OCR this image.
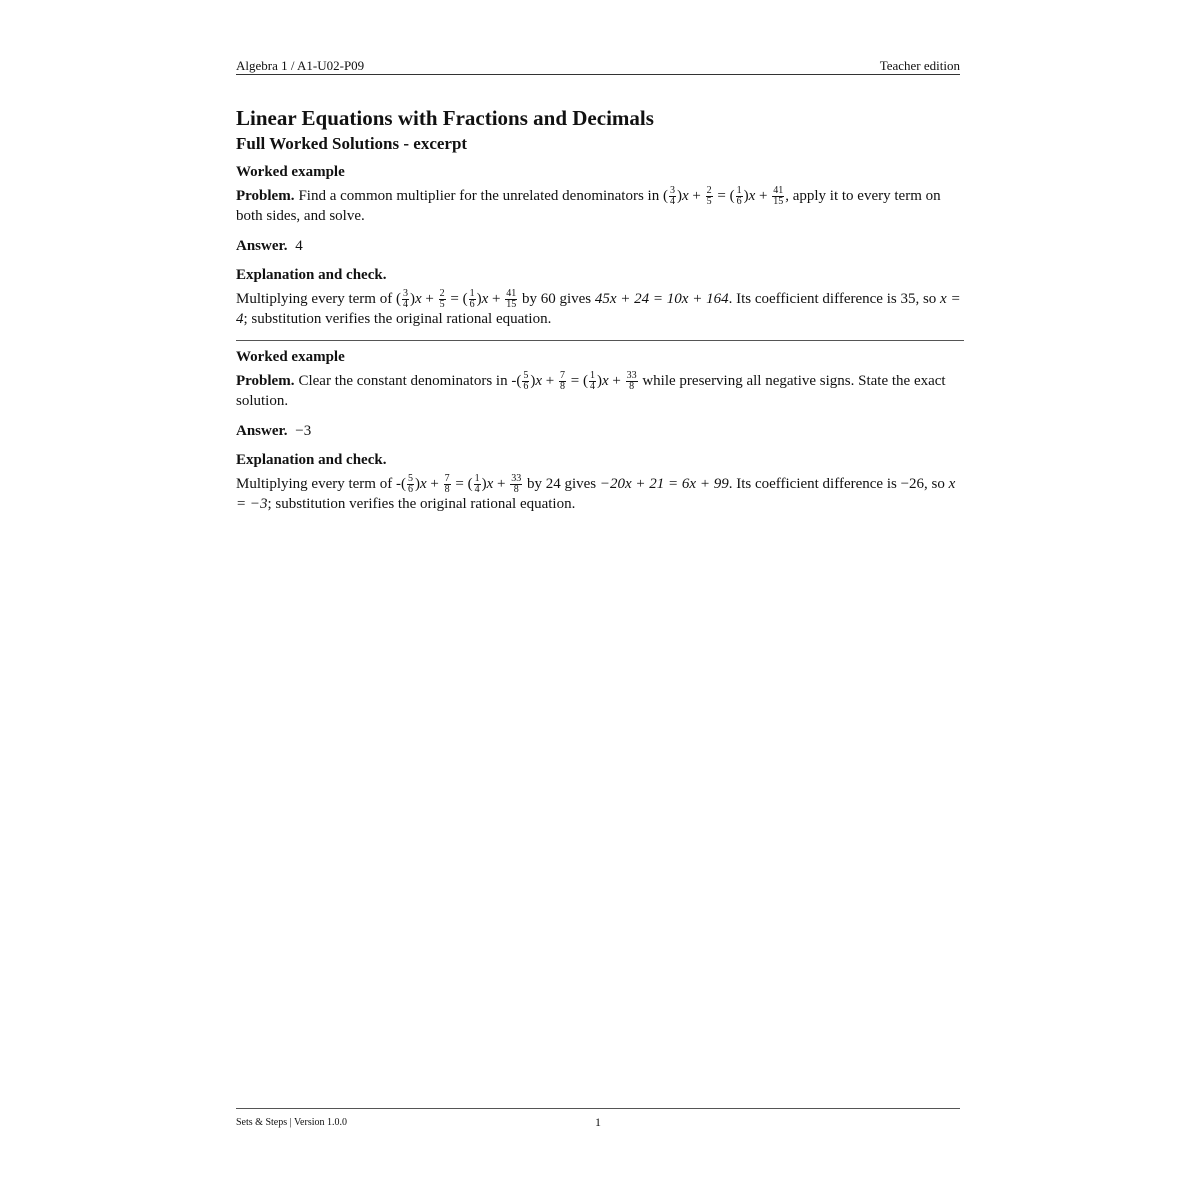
Algebra 1 / A1-U02-P09	Teacher edition
Linear Equations with Fractions and Decimals
Full Worked Solutions - excerpt
Worked example

Problem. Find a common multiplier for the unrelated denominators in ( $\frac{3}{4} )x + \frac{2}{5}$ = ( $\frac{1}{6} )x + \frac{41}{15}$ , apply it to every term on both sides, and solve.

Answer. 4

Explanation and check.

Multiplying every term of ( $\frac{3}{4} )x + \frac{2}{5}$ = ( $\frac{1}{6} )x + \frac{41}{15}$ by 60 gives 45x + 24 = 10x + 164. Its coefficient difference is 35, so x = 4; substitution verifies the original rational equation.

Worked example

Problem. Clear the constant denominators in -( $\frac{5}{6} )x + \frac{7}{8}$ = ( $\frac{1}{4} )x + \frac{33}{8}$ while preserving all negative signs. State the exact solution.

Answer. −3

Explanation and check.

Multiplying every term of -( $\frac{5}{6} )x + \frac{7}{8}$ = ( $\frac{1}{4} )x + \frac{33}{8}$ by 24 gives −20x + 21 = 6x + 99. Its coefficient difference is −26, so x = −3; substitution verifies the original rational equation.

Sets & Steps | Version 1.0.0	1
